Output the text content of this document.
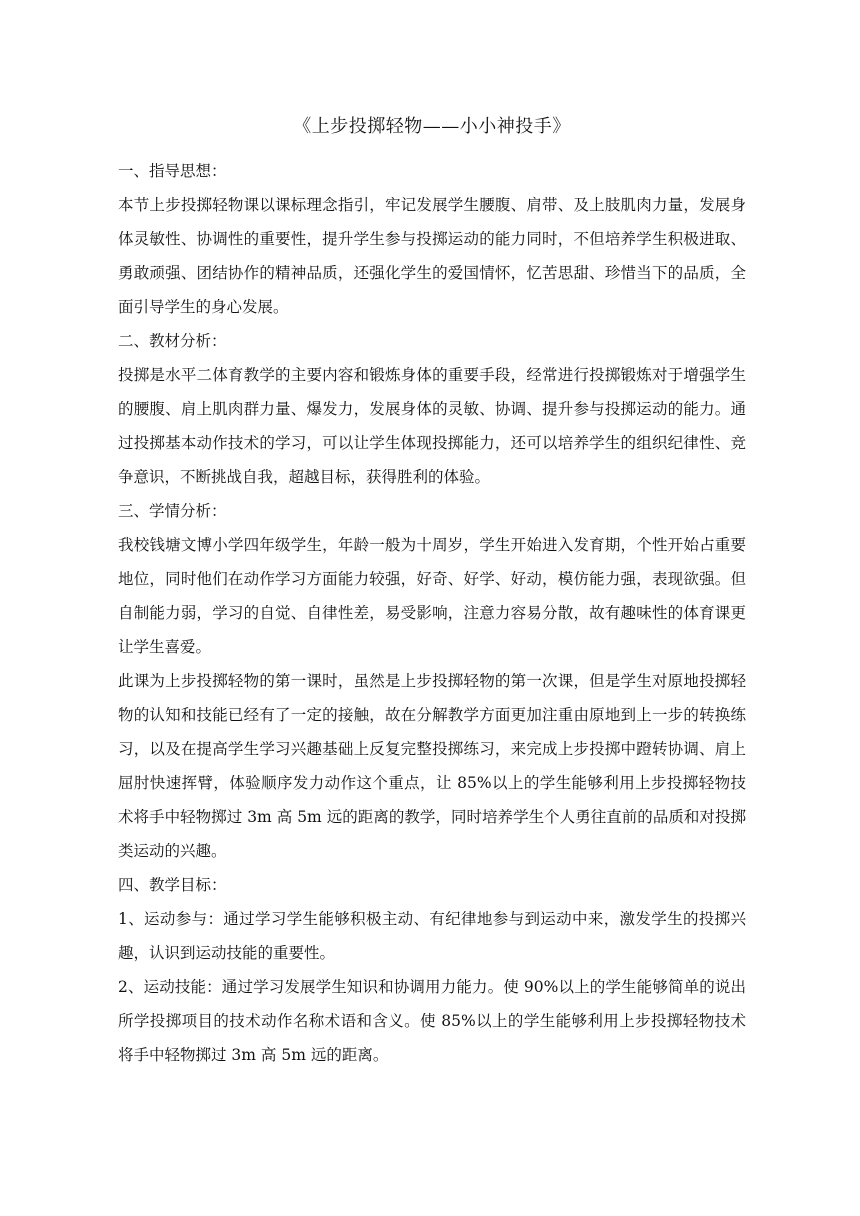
《上步投掷轻物——小小神投手》

一、指导思想：

本节上步投掷轻物课以课标理念指引，牢记发展学生腰腹、肩带、及上肢肌肉力量，发展身体灵敏性、协调性的重要性，提升学生参与投掷运动的能力同时，不但培养学生积极进取、勇敢顽强、团结协作的精神品质，还强化学生的爱国情怀，忆苦思甜、珍惜当下的品质，全面引导学生的身心发展。

二、教材分析：

投掷是水平二体育教学的主要内容和锻炼身体的重要手段，经常进行投掷锻炼对于增强学生的腰腹、肩上肌肉群力量、爆发力，发展身体的灵敏、协调、提升参与投掷运动的能力。通过投掷基本动作技术的学习，可以让学生体现投掷能力，还可以培养学生的组织纪律性、竞争意识，不断挑战自我，超越目标，获得胜利的体验。

三、学情分析：

我校钱塘文博小学四年级学生，年龄一般为十周岁，学生开始进入发育期，个性开始占重要地位，同时他们在动作学习方面能力较强，好奇、好学、好动，模仿能力强，表现欲强。但自制能力弱，学习的自觉、自律性差，易受影响，注意力容易分散，故有趣味性的体育课更让学生喜爱。

此课为上步投掷轻物的第一课时，虽然是上步投掷轻物的第一次课，但是学生对原地投掷轻物的认知和技能已经有了一定的接触，故在分解教学方面更加注重由原地到上一步的转换练习，以及在提高学生学习兴趣基础上反复完整投掷练习，来完成上步投掷中蹬转协调、肩上屈肘快速挥臂，体验顺序发力动作这个重点，让 85%以上的学生能够利用上步投掷轻物技术将手中轻物掷过 3m 高 5m 远的距离的教学，同时培养学生个人勇往直前的品质和对投掷类运动的兴趣。

四、教学目标：

1、运动参与：通过学习学生能够积极主动、有纪律地参与到运动中来，激发学生的投掷兴趣，认识到运动技能的重要性。

2、运动技能：通过学习发展学生知识和协调用力能力。使 90%以上的学生能够简单的说出所学投掷项目的技术动作名称术语和含义。使 85%以上的学生能够利用上步投掷轻物技术将手中轻物掷过 3m 高 5m 远的距离。
